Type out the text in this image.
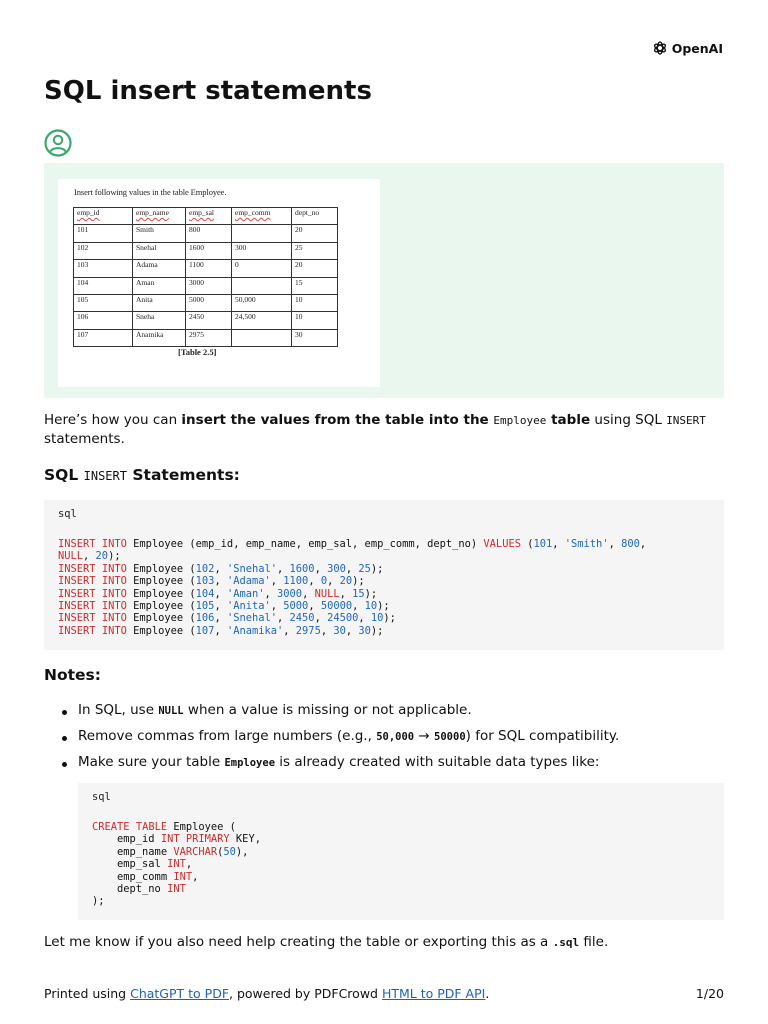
OpenAI
SQL insert statements
Insert following values in the table Employee.
emp_id	emp_name	emp_sal	emp_comm	dept_no
101	Smith	800		20
102	Snehal	1600	300	25
103	Adama	1100	0	20
104	Aman	3000		15
105	Anita	5000	50,000	10
106	Sneha	2450	24,500	10
107	Anamika	2975		30
[Table 2.5]

Here’s how you can insert the values from the table into the Employee table using SQL INSERT statements.

SQL INSERT Statements:
sql
INSERT INTO Employee (emp_id, emp_name, emp_sal, emp_comm, dept_no) VALUES (101, 'Smith', 800,
NULL, 20);
INSERT INTO Employee (102, 'Snehal', 1600, 300, 25);
INSERT INTO Employee (103, 'Adama', 1100, 0, 20);
INSERT INTO Employee (104, 'Aman', 3000, NULL, 15);
INSERT INTO Employee (105, 'Anita', 5000, 50000, 10);
INSERT INTO Employee (106, 'Snehal', 2450, 24500, 10);
INSERT INTO Employee (107, 'Anamika', 2975, 30, 30);
Notes:
In SQL, use NULL when a value is missing or not applicable.
Remove commas from large numbers (e.g., 50,000 → 50000) for SQL compatibility.
Make sure your table Employee is already created with suitable data types like:
sql
CREATE TABLE Employee (
emp_id INT PRIMARY KEY,
emp_name VARCHAR(50),
emp_sal INT,
emp_comm INT,
dept_no INT
);

Let me know if you also need help creating the table or exporting this as a .sql file.

Printed using ChatGPT to PDF, powered by PDFCrowd HTML to PDF API.	1/20
